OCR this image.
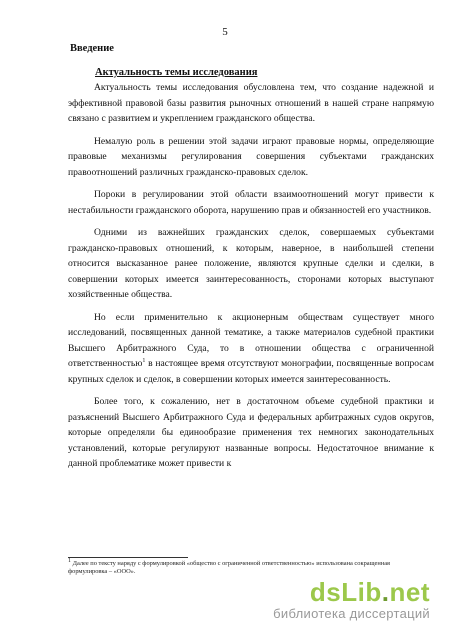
5
Введение
Актуальность темы исследования

Актуальность темы исследования обусловлена тем, что создание надежной и эффективной правовой базы развития рыночных отношений в нашей стране напрямую связано с развитием и укреплением гражданского общества.

Немалую роль в решении этой задачи играют правовые нормы, определяющие правовые механизмы регулирования совершения субъектами гражданских правоотношений различных гражданско-правовых сделок.

Пороки в регулировании этой области взаимоотношений могут привести к нестабильности гражданского оборота, нарушению прав и обязанностей его участников.

Одними из важнейших гражданских сделок, совершаемых субъектами гражданско-правовых отношений, к которым, наверное, в наибольшей степени относится высказанное ранее положение, являются крупные сделки и сделки, в совершении которых имеется заинтересованность, сторонами которых выступают хозяйственные общества.

Но если применительно к акционерным обществам существует много исследований, посвященных данной тематике, а также материалов судебной практики Высшего Арбитражного Суда, то в отношении общества с ограниченной ответственностью$^1$ в настоящее время отсутствуют монографии, посвященные вопросам крупных сделок и сделок, в совершении которых имеется заинтересованность.

Более того, к сожалению, нет в достаточном объеме судебной практики и разъяснений Высшего Арбитражного Суда и федеральных арбитражных судов округов, которые определяли бы единообразие применения тех немногих законодательных установлений, которые регулируют названные вопросы. Недостаточное внимание к данной проблематике может привести к

$^1$ Далее по тексту наряду с формулировкой «общество с ограниченной ответственностью» использована сокращенная формулировка – «ООО».
dsLib.net
библиотека диссертаций
